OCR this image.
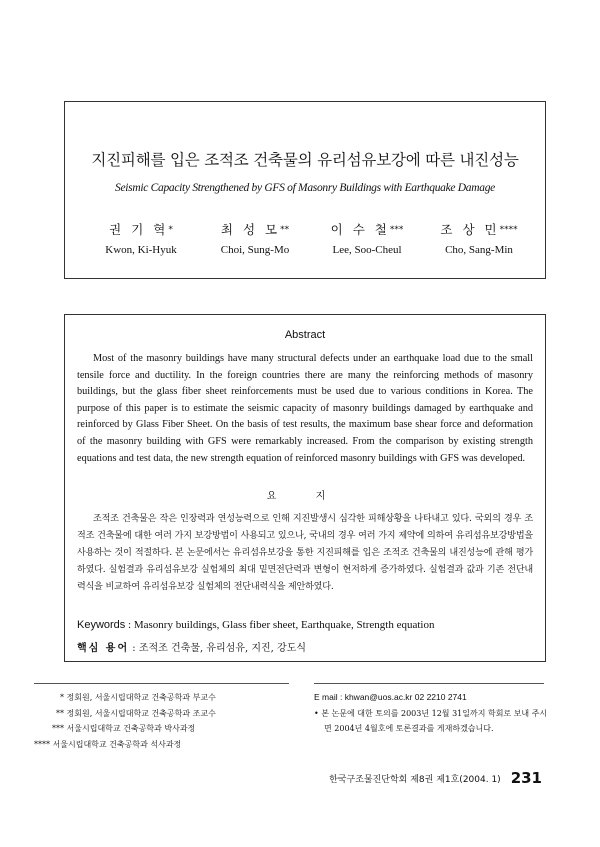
지진피해를 입은 조적조 건축물의 유리섬유보강에 따른 내진성능
Seismic Capacity Strengthened by GFS of Masonry Buildings with Earthquake Damage
권 기 혁*
Kwon, Ki-Hyuk
최 성 모**
Choi, Sung-Mo
이 수 철***
Lee, Soo-Cheul
조 상 민****
Cho, Sang-Min
Abstract
Most of the masonry buildings have many structural defects under an earthquake load due to the small tensile force and ductility. In the foreign countries there are many the reinforcing methods of masonry buildings, but the glass fiber sheet reinforcements must be used due to various conditions in Korea. The purpose of this paper is to estimate the seismic capacity of masonry buildings damaged by earthquake and reinforced by Glass Fiber Sheet. On the basis of test results, the maximum base shear force and deformation of the masonry building with GFS were remarkably increased. From the comparison by existing strength equations and test data, the new strength equation of reinforced masonry buildings with GFS was developed.
요 지
조적조 건축물은 작은 인장력과 연성능력으로 인해 지진발생시 심각한 피해상황을 나타내고 있다. 국외의 경우 조적조 건축물에 대한 여러 가지 보강방법이 사용되고 있으나, 국내의 경우 여러 가지 제약에 의하여 유리섬유보강방법을 사용하는 것이 적절하다. 본 논문에서는 유리섬유보강을 통한 지진피해를 입은 조적조 건축물의 내진성능에 관해 평가하였다. 실험결과 유리섬유보강 실험체의 최대 밑면전단력과 변형이 현저하게 증가하였다. 실험결과 값과 기존 전단내력식을 비교하여 유리섬유보강 실험체의 전단내력식을 제안하였다.
Keywords : Masonry buildings, Glass fiber sheet, Earthquake, Strength equation
핵심 용어 : 조적조 건축물, 유리섬유, 지진, 강도식
* 정회원, 서울시립대학교 건축공학과 부교수
** 정회원, 서울시립대학교 건축공학과 조교수
*** 서울시립대학교 건축공학과 박사과정
**** 서울시립대학교 건축공학과 석사과정
E mail : khwan@uos.ac.kr 02 2210 2741
• 본 논문에 대한 토의를 2003년 12월 31일까지 학회로 보내 주시면 2004년 4월호에 토론결과를 게재하겠습니다.
한국구조물진단학회 제8권 제1호(2004. 1) 231
